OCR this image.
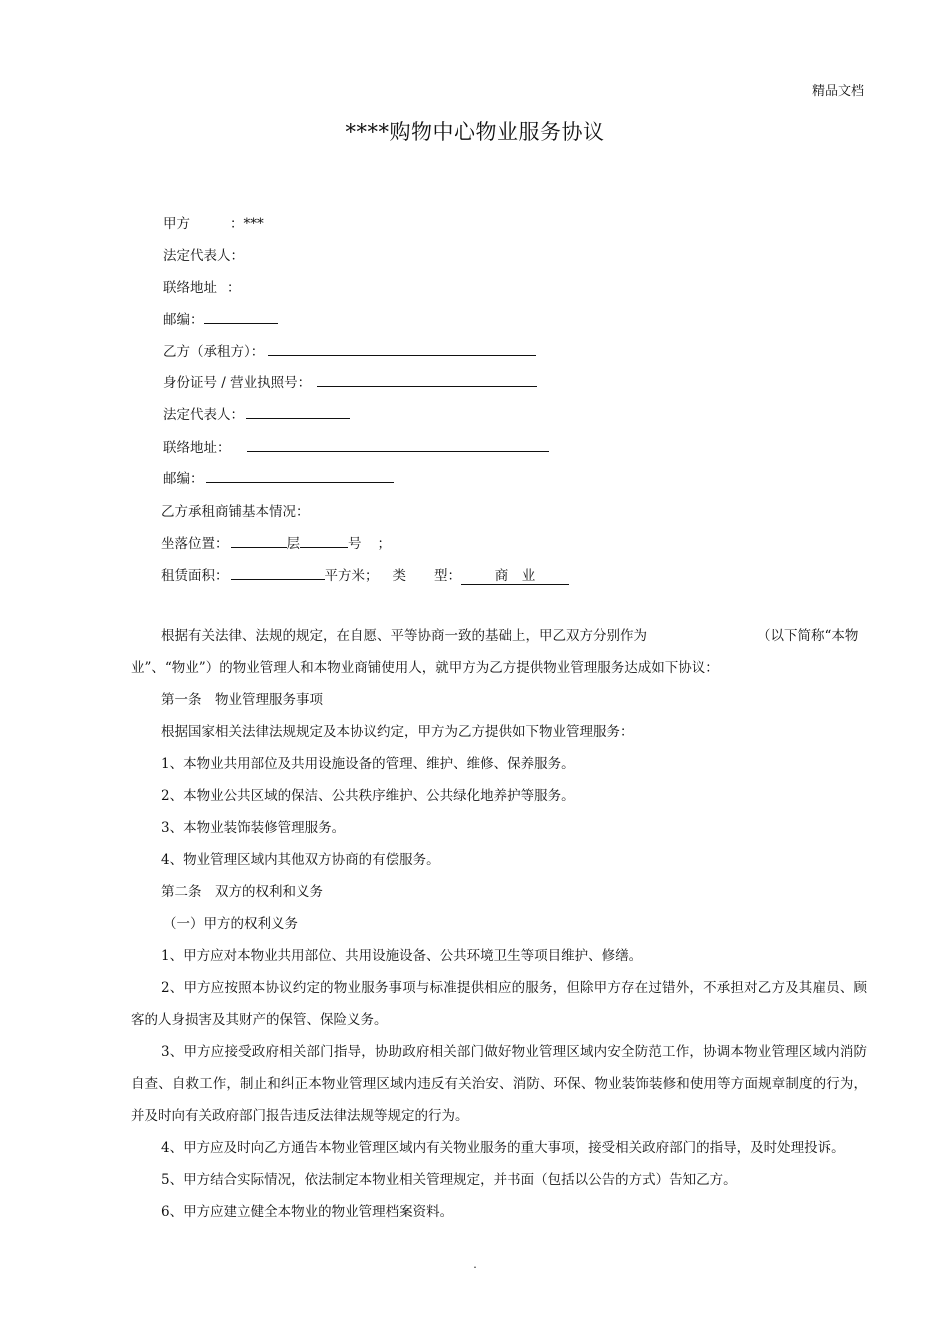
精品文档
****购物中心物业服务协议
甲方	：***
法定代表人：
联络地址 ：
邮编：
乙方（承租方）：
身份证号 / 营业执照号：
法定代表人：
联络地址：
邮编：
乙方承租商铺基本情况：
坐落位置：	层	号 ；
租赁面积：	平方米； 类 型：	商　业
根据有关法律、法规的规定，在自愿、平等协商一致的基础上，甲乙双方分别作为	（以下简称“本物
业”、“物业”）的物业管理人和本物业商铺使用人，就甲方为乙方提供物业管理服务达成如下协议：
第一条　物业管理服务事项
根据国家相关法律法规规定及本协议约定，甲方为乙方提供如下物业管理服务：
1、本物业共用部位及共用设施设备的管理、维护、维修、保养服务。
2、本物业公共区域的保洁、公共秩序维护、公共绿化地养护等服务。
3、本物业装饰装修管理服务。
4、物业管理区域内其他双方协商的有偿服务。
第二条　双方的权利和义务
（一）甲方的权利义务
1、甲方应对本物业共用部位、共用设施设备、公共环境卫生等项目维护、修缮。
2、甲方应按照本协议约定的物业服务事项与标准提供相应的服务，但除甲方存在过错外，不承担对乙方及其雇员、顾客的人身损害及其财产的保管、保险义务。
3、甲方应接受政府相关部门指导，协助政府相关部门做好物业管理区域内安全防范工作，协调本物业管理区域内消防自查、自救工作，制止和纠正本物业管理区域内违反有关治安、消防、环保、物业装饰装修和使用等方面规章制度的行为，并及时向有关政府部门报告违反法律法规等规定的行为。
4、甲方应及时向乙方通告本物业管理区域内有关物业服务的重大事项，接受相关政府部门的指导，及时处理投诉。
5、甲方结合实际情况，依法制定本物业相关管理规定，并书面（包括以公告的方式）告知乙方。
6、甲方应建立健全本物业的物业管理档案资料。
.
